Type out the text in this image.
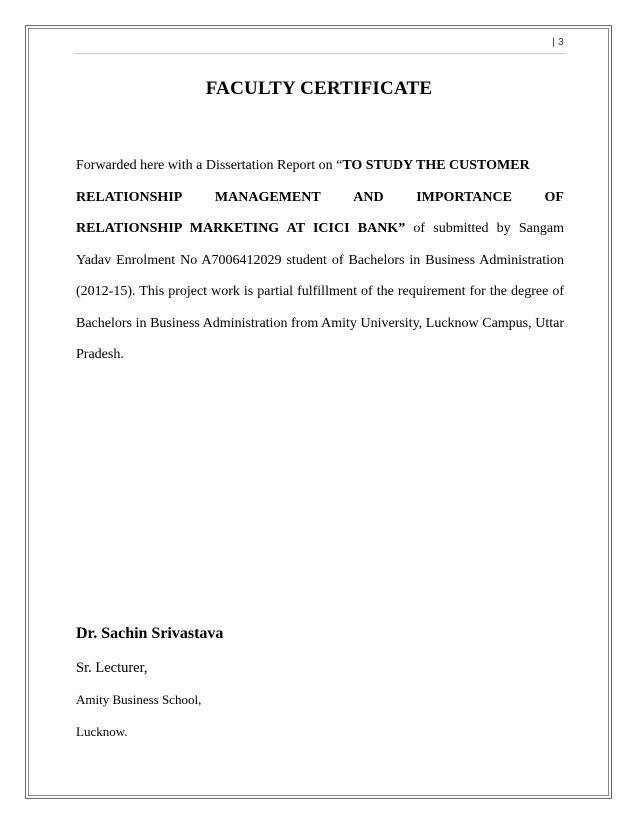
| 3
FACULTY CERTIFICATE
Forwarded here with a Dissertation Report on “TO STUDY THE CUSTOMER
RELATIONSHIP MANAGEMENT AND IMPORTANCE OF
RELATIONSHIP MARKETING AT ICICI BANK” of submitted by Sangam Yadav Enrolment No A7006412029 student of Bachelors in Business Administration (2012-15). This project work is partial fulfillment of the requirement for the degree of Bachelors in Business Administration from Amity University, Lucknow Campus, Uttar Pradesh.

Dr. Sachin Srivastava

Sr. Lecturer,

Amity Business School,

Lucknow.
